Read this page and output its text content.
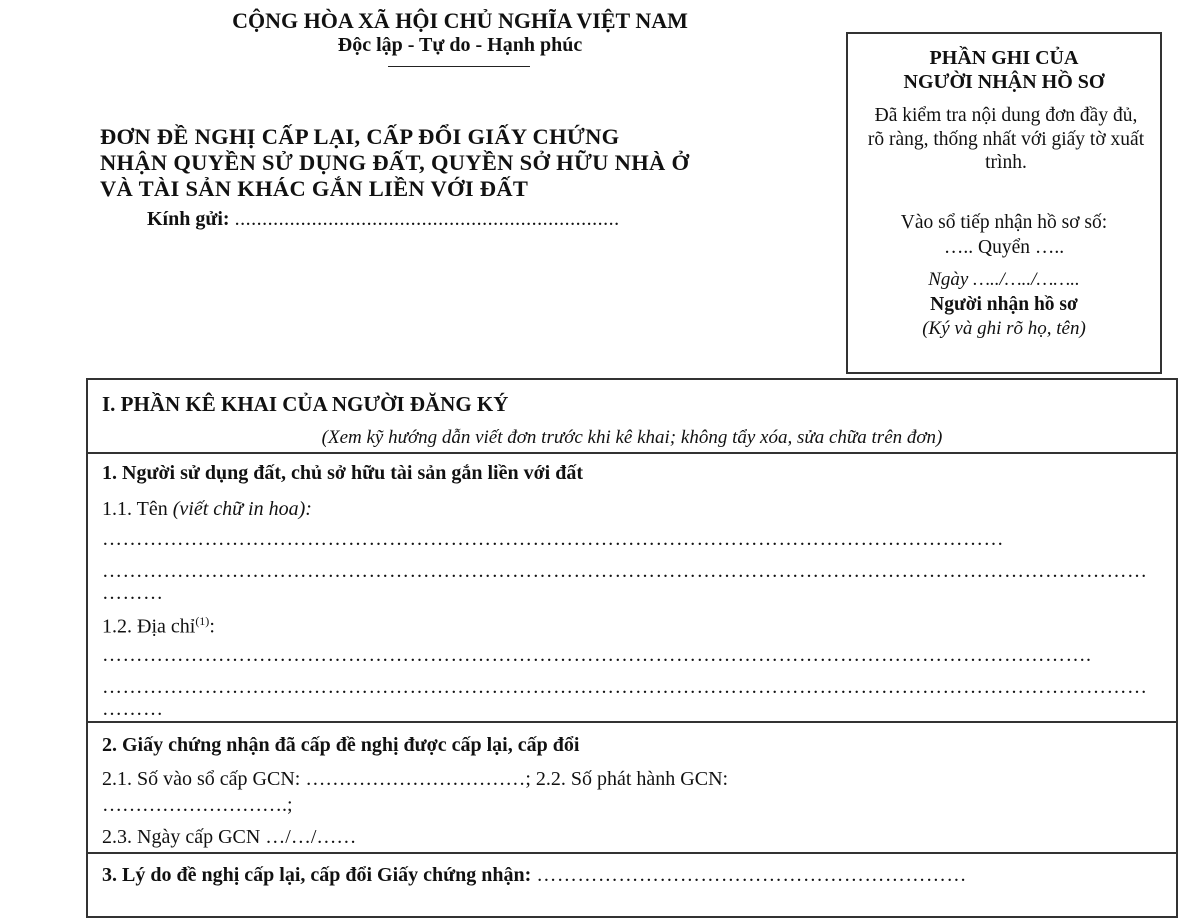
CỘNG HÒA XÃ HỘI CHỦ NGHĨA VIỆT NAM
Độc lập - Tự do - Hạnh phúc
ĐƠN ĐỀ NGHỊ CẤP LẠI, CẤP ĐỔI GIẤY CHỨNG
NHẬN QUYỀN SỬ DỤNG ĐẤT, QUYỀN SỞ HỮU NHÀ Ở
VÀ TÀI SẢN KHÁC GẮN LIỀN VỚI ĐẤT
Kính gửi: ......................................................................
PHẦN GHI CỦA
NGƯỜI NHẬN HỒ SƠ
Đã kiểm tra nội dung đơn đầy đủ, rõ ràng, thống nhất với giấy tờ xuất trình.
Vào sổ tiếp nhận hồ sơ số:
….. Quyển …..
Ngày …../…../……..
Người nhận hồ sơ
(Ký và ghi rõ họ, tên)
I. PHẦN KÊ KHAI CỦA NGƯỜI ĐĂNG KÝ
(Xem kỹ hướng dẫn viết đơn trước khi kê khai; không tẩy xóa, sửa chữa trên đơn)
1. Người sử dụng đất, chủ sở hữu tài sản gắn liền với đất
1.1. Tên (viết chữ in hoa):
……………………………………………………………………………………………………………………
………………………………………………………………………………………………………………………………………
………
1.2. Địa chỉ$^{(1)}$:
……………………………………………………………………………………………………………………………….
………………………………………………………………………………………………………………………………………
………
2. Giấy chứng nhận đã cấp đề nghị được cấp lại, cấp đổi
2.1. Số vào sổ cấp GCN: ……………………………; 2.2. Số phát hành GCN:
……………………….;
2.3. Ngày cấp GCN …/…/……
3. Lý do đề nghị cấp lại, cấp đổi Giấy chứng nhận: ………………………………………………………
